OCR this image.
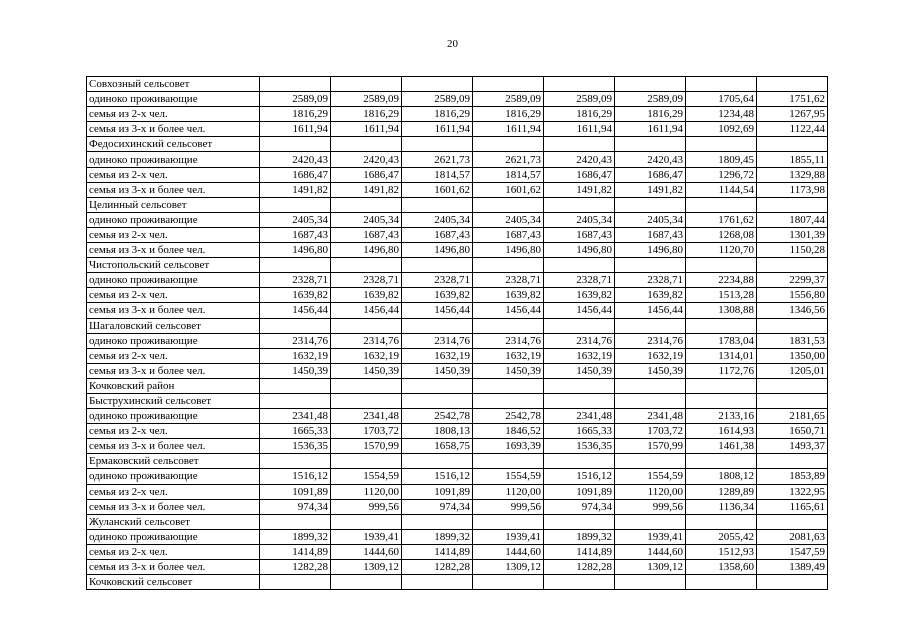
20
Совхозный сельсовет								
одиноко проживающие	2589,09	2589,09	2589,09	2589,09	2589,09	2589,09	1705,64	1751,62
семья из 2-х чел.	1816,29	1816,29	1816,29	1816,29	1816,29	1816,29	1234,48	1267,95
семья из 3-х и более чел.	1611,94	1611,94	1611,94	1611,94	1611,94	1611,94	1092,69	1122,44
Федосихинский сельсовет								
одиноко проживающие	2420,43	2420,43	2621,73	2621,73	2420,43	2420,43	1809,45	1855,11
семья из 2-х чел.	1686,47	1686,47	1814,57	1814,57	1686,47	1686,47	1296,72	1329,88
семья из 3-х и более чел.	1491,82	1491,82	1601,62	1601,62	1491,82	1491,82	1144,54	1173,98
Целинный сельсовет								
одиноко проживающие	2405,34	2405,34	2405,34	2405,34	2405,34	2405,34	1761,62	1807,44
семья из 2-х чел.	1687,43	1687,43	1687,43	1687,43	1687,43	1687,43	1268,08	1301,39
семья из 3-х и более чел.	1496,80	1496,80	1496,80	1496,80	1496,80	1496,80	1120,70	1150,28
Чистопольский сельсовет								
одиноко проживающие	2328,71	2328,71	2328,71	2328,71	2328,71	2328,71	2234,88	2299,37
семья из 2-х чел.	1639,82	1639,82	1639,82	1639,82	1639,82	1639,82	1513,28	1556,80
семья из 3-х и более чел.	1456,44	1456,44	1456,44	1456,44	1456,44	1456,44	1308,88	1346,56
Шагаловский сельсовет								
одиноко проживающие	2314,76	2314,76	2314,76	2314,76	2314,76	2314,76	1783,04	1831,53
семья из 2-х чел.	1632,19	1632,19	1632,19	1632,19	1632,19	1632,19	1314,01	1350,00
семья из 3-х и более чел.	1450,39	1450,39	1450,39	1450,39	1450,39	1450,39	1172,76	1205,01
Кочковский район								
Быструхинский сельсовет								
одиноко проживающие	2341,48	2341,48	2542,78	2542,78	2341,48	2341,48	2133,16	2181,65
семья из 2-х чел.	1665,33	1703,72	1808,13	1846,52	1665,33	1703,72	1614,93	1650,71
семья из 3-х и более чел.	1536,35	1570,99	1658,75	1693,39	1536,35	1570,99	1461,38	1493,37
Ермаковский сельсовет								
одиноко проживающие	1516,12	1554,59	1516,12	1554,59	1516,12	1554,59	1808,12	1853,89
семья из 2-х чел.	1091,89	1120,00	1091,89	1120,00	1091,89	1120,00	1289,89	1322,95
семья из 3-х и более чел.	974,34	999,56	974,34	999,56	974,34	999,56	1136,34	1165,61
Жуланский сельсовет								
одиноко проживающие	1899,32	1939,41	1899,32	1939,41	1899,32	1939,41	2055,42	2081,63
семья из 2-х чел.	1414,89	1444,60	1414,89	1444,60	1414,89	1444,60	1512,93	1547,59
семья из 3-х и более чел.	1282,28	1309,12	1282,28	1309,12	1282,28	1309,12	1358,60	1389,49
Кочковский сельсовет								
